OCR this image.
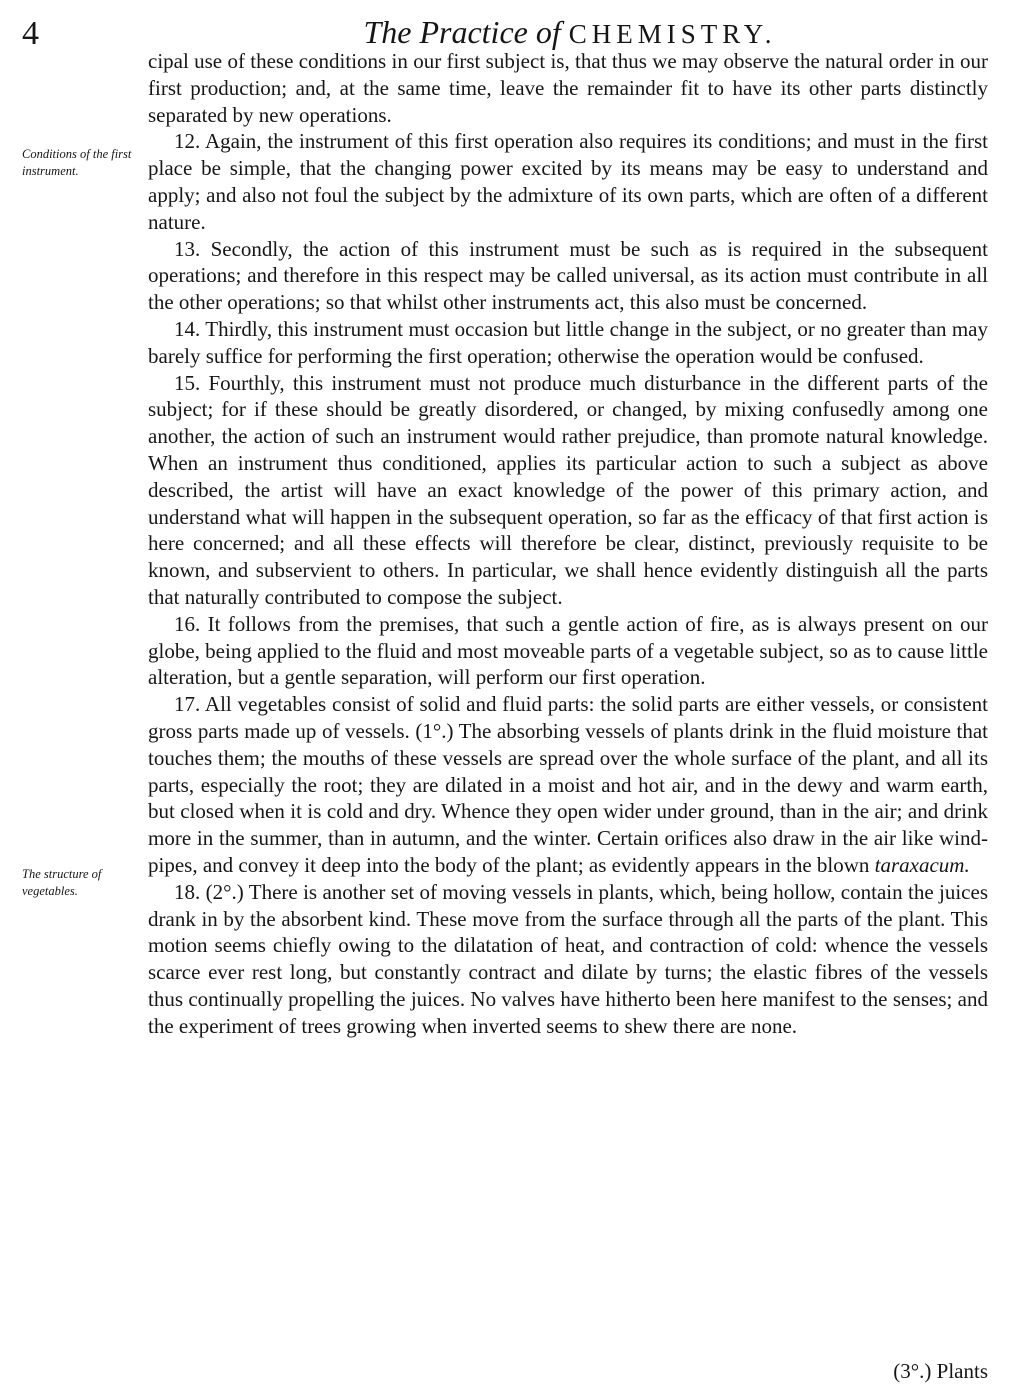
4	The Practice of CHEMISTRY.
Conditions of the first instrument.
The structure of vegetables.

cipal use of these conditions in our first subject is, that thus we may observe the natural order in our first production; and, at the same time, leave the remainder fit to have its other parts distinctly separated by new operations.

12. Again, the instrument of this first operation also requires its conditions; and must in the first place be simple, that the changing power excited by its means may be easy to understand and apply; and also not foul the subject by the admixture of its own parts, which are often of a different nature.

13. Secondly, the action of this instrument must be such as is required in the subsequent operations; and therefore in this respect may be called universal, as its action must contribute in all the other operations; so that whilst other instruments act, this also must be concerned.

14. Thirdly, this instrument must occasion but little change in the subject, or no greater than may barely suffice for performing the first operation; otherwise the operation would be confused.

15. Fourthly, this instrument must not produce much disturbance in the different parts of the subject; for if these should be greatly disordered, or changed, by mixing confusedly among one another, the action of such an instrument would rather prejudice, than promote natural knowledge. When an instrument thus conditioned, applies its particular action to such a subject as above described, the artist will have an exact knowledge of the power of this primary action, and understand what will happen in the subsequent operation, so far as the efficacy of that first action is here concerned; and all these effects will therefore be clear, distinct, previously requisite to be known, and subservient to others. In particular, we shall hence evidently distinguish all the parts that naturally contributed to compose the subject.

16. It follows from the premises, that such a gentle action of fire, as is always present on our globe, being applied to the fluid and most moveable parts of a vegetable subject, so as to cause little alteration, but a gentle separation, will perform our first operation.

17. All vegetables consist of solid and fluid parts: the solid parts are either vessels, or consistent gross parts made up of vessels. (1°.) The absorbing vessels of plants drink in the fluid moisture that touches them; the mouths of these vessels are spread over the whole surface of the plant, and all its parts, especially the root; they are dilated in a moist and hot air, and in the dewy and warm earth, but closed when it is cold and dry. Whence they open wider under ground, than in the air; and drink more in the summer, than in autumn, and the winter. Certain orifices also draw in the air like wind-pipes, and convey it deep into the body of the plant; as evidently appears in the blown taraxacum.

18. (2°.) There is another set of moving vessels in plants, which, being hollow, contain the juices drank in by the absorbent kind. These move from the surface through all the parts of the plant. This motion seems chiefly owing to the dilatation of heat, and contraction of cold: whence the vessels scarce ever rest long, but constantly contract and dilate by turns; the elastic fibres of the vessels thus continually propelling the juices. No valves have hitherto been here manifest to the senses; and the experiment of trees growing when inverted seems to shew there are none.

(3°.) Plants
